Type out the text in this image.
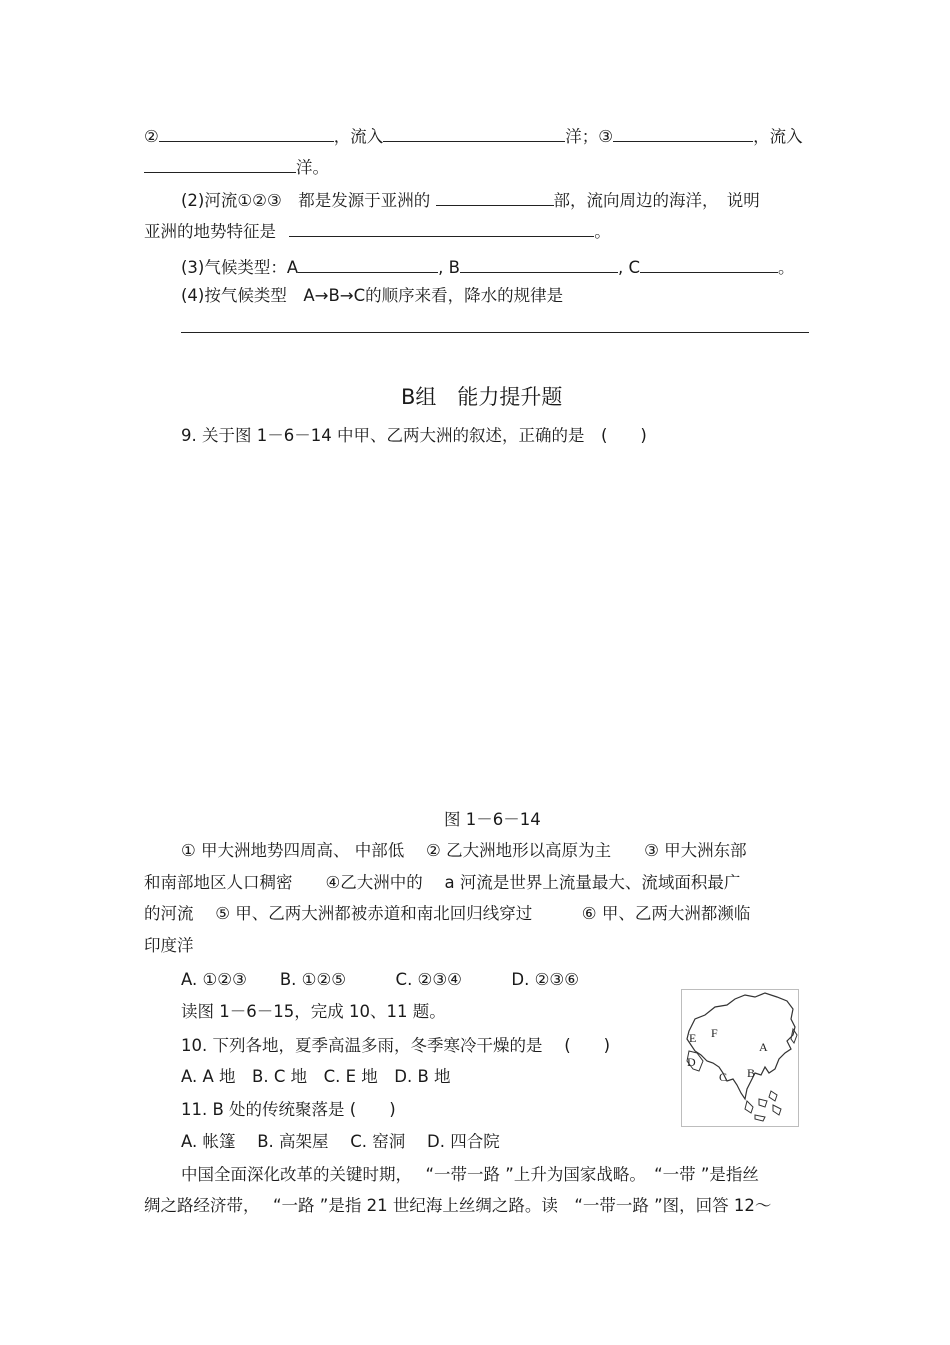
②	，流入	洋；③	，流入
洋。
(2)河流①②③　都是发源于亚洲的	部，流向周边的海洋，　说明
亚洲的地势特征是	。
(3)气候类型：A	, B	, C	。
(4)按气候类型　A→B→C的顺序来看，降水的规律是
B组　能力提升题
9. 关于图 1－6－14 中甲、乙两大洲的叙述，正确的是　(　　)
图 1－6－14
① 甲大洲地势四周高、 中部低　 ② 乙大洲地形以高原为主　　③ 甲大洲东部
和南部地区人口稠密　　④乙大洲中的　 a 河流是世界上流量最大、流域面积最广
的河流　 ⑤ 甲、乙两大洲都被赤道和南北回归线穿过　　　⑥ 甲、乙两大洲都濒临
印度洋
A. ①②③　　B. ①②⑤　　　C. ②③④　　　D. ②③⑥
读图 1－6－15，完成 10、11 题。
10. 下列各地，夏季高温多雨，冬季寒冷干燥的是　 (　　)
A. A 地　B. C 地　C. E 地　D. B 地
11. B 处的传统聚落是 (　　)
A. 帐篷　 B. 高架屋　 C. 窑洞　 D. 四合院
F
E
A
D
C B
中国全面深化改革的关键时期，　 “一带一路 ”上升为国家战略。　“一带 ”是指丝
绸之路经济带，　 “一路 ”是指 21 世纪海上丝绸之路。读　“一带一路 ”图，回答 12～
